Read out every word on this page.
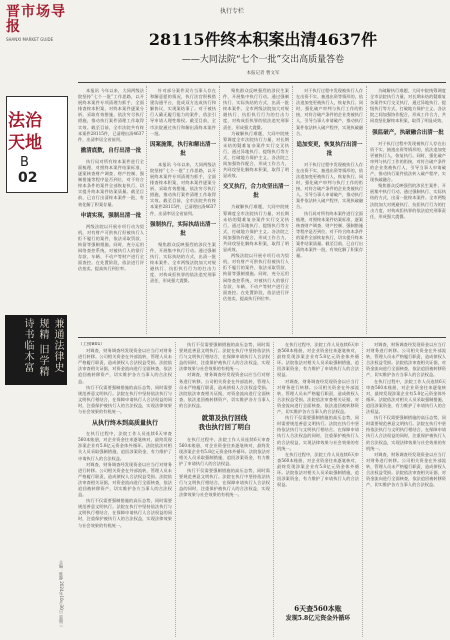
晋市场导报
SHANXI MARKET GUIDE
法治
天地
B
02
兼通法律史规精 旧学精诗书临木富
主编：陈静 2024年10月30日 星期三
执行专栏
28115件终本积案出清4637件
——大同法院“七个一批”交出高质量答卷
本报记者 曹文军

本报讯 今年以来，大同两级法院坚持“七个一批”工作思路，以开展终本案件专项清理为抓手，全面排查终本积案，对终本案件逐案分析，采取有效措施，依法穷尽执行措施，推动执行案件清理工作取得实效。截至目前，全市法院共有终本案件28115件，已清理出清4637件，出清率居全省前列。

撤清底数，自行出清一批

执行局对所有终本案件进行全面梳理，对照终本案件结案标准，逐案核查财产调查、财产控制、强制措施等程序是否到位，对不符合终本条件的案件全部恢复执行，切实提升终本案件结案质量。截至目前，已自行出清终本案件一批，有效化解了积案存量。

申请实现，强制出清一批

两级法院以开展专项行动为契机，对有财产可供执行但被执行人拒不履行的案件，依法采取罚款、拘留等强制措施。同时，充分运用网络查控系统，对被执行人的银行存款、车辆、不动产等财产进行全面查控。在处置阶段，依法进行评估拍卖，提高执行到位率。

针对部分案件双方当事人存在和解意愿的情况，执行法官积极搭建沟通平台，促成双方达成执行和解协议，实现案结事了。对于被执行人确无履行能力的案件，依法引导申请人理性维权。截至目前，全市法院通过执行和解出清终本案件一批。

因案施策，执行和解出清一批

本报讯 今年以来，大同两级法院坚持“七个一批”工作思路，以开展终本案件专项清理为抓手，全面排查终本积案，对终本案件逐案分析，采取有效措施，依法穷尽执行措施，推动执行案件清理工作取得实效。截至目前，全市法院共有终本案件28115件，已清理出清4637件，出清率居全省前列。

强制执行，实际执结出清一批

聚焦群众反映强烈的涉民生案件，开展集中执行行动。通过强制执行、实际执结的方式，出清一批终本案件。全市两级法院加大对规避执行、抗拒执行行为的打击力度，对构成拒执罪的依法追究刑事责任，形成强大震慑。

聚焦群众反映强烈的涉民生案件，开展集中执行行动。通过强制执行、实际执结的方式，出清一批终本案件。全市两级法院加大对规避执行、抗拒执行行为的打击力度，对构成拒执罪的依法追究刑事责任，形成强大震慑。

为破解执行难题，大同中院统筹调度全市法院执行力量，对长期未结的疑难复杂案件实行交叉执行，通过异地执行、提级执行等方式，打破地方保护主义。各法院之间加强协作配合，形成工作合力，共同攻坚化解终本积案，取得了明显成效。

交叉执行，合力攻坚出清一批

为破解执行难题，大同中院统筹调度全市法院执行力量，对长期未结的疑难复杂案件实行交叉执行，通过异地执行、提级执行等方式，打破地方保护主义。各法院之间加强协作配合，形成工作合力，共同攻坚化解终本积案，取得了明显成效。

两级法院以开展专项行动为契机，对有财产可供执行但被执行人拒不履行的案件，依法采取罚款、拘留等强制措施。同时，充分运用网络查控系统，对被执行人的银行存款、车辆、不动产等财产进行全面查控。在处置阶段，依法进行评估拍卖，提高执行到位率。

对于执行过程中发现被执行人存在出资不实、抽逃出资等情形的，依法追加变更被执行人，恢复执行。同时，强化破产审判与执行工作的衔接，对符合破产条件的企业类被执行人，引导当事人申请破产，推动执行案件依法转入破产程序，实现执破融合。

追加变更，恢复执行出清一批

对于执行过程中发现被执行人存在出资不实、抽逃出资等情形的，依法追加变更被执行人，恢复执行。同时，强化破产审判与执行工作的衔接，对符合破产条件的企业类被执行人，引导当事人申请破产，推动执行案件依法转入破产程序，实现执破融合。

执行局对所有终本案件进行全面梳理，对照终本案件结案标准，逐案核查财产调查、财产控制、强制措施等程序是否到位，对不符合终本条件的案件全部恢复执行，切实提升终本案件结案质量。截至目前，已自行出清终本案件一批，有效化解了积案存量。

为破解执行难题，大同中院统筹调度全市法院执行力量，对长期未结的疑难复杂案件实行交叉执行，通过异地执行、提级执行等方式，打破地方保护主义。各法院之间加强协作配合，形成工作合力，共同攻坚化解终本积案，取得了明显成效。

强监破产，执破融合出清一批

对于执行过程中发现被执行人存在出资不实、抽逃出资等情形的，依法追加变更被执行人，恢复执行。同时，强化破产审判与执行工作的衔接，对符合破产条件的企业类被执行人，引导当事人申请破产，推动执行案件依法转入破产程序，实现执破融合。

聚焦群众反映强烈的涉民生案件，开展集中执行行动。通过强制执行、实际执结的方式，出清一批终本案件。全市两级法院加大对规避执行、抗拒执行行为的打击力度，对构成拒执罪的依法追究刑事责任，形成强大震慑。

（上接B01）

对调查，财务调查经发现资金以应当行对财务进行转移。公司相关资金在外部流转，管理人员未严格履行职责，造成债权人合法权益受损。法院依法审查相关证据，对资金流向进行全面核查，依法追回被转移资产，切实维护各方当事人的合法权益。

执行不仅需要强制措施的高压态势，同时需要规范善意文明执行。法院在执行中坚持依法执行与文明执行相结合，在保障申请执行人合法权益的同时，注重保护被执行人的合法权益，实现法律效果与社会效果的有机统一。

从执行终本到高质量执行

在执行过程中，法院工作人员连续6天审查560本账册，对企业资金往来逐笔核对，最终发现涉案企业有5.8亿元资金体外循环。法院依法对相关人员采取强制措施，追回涉案资金，有力维护了申请执行人的合法权益。

对调查，财务调查经发现资金以应当行对财务进行转移。公司相关资金在外部流转，管理人员未严格履行职责，造成债权人合法权益受损。法院依法审查相关证据，对资金流向进行全面核查，依法追回被转移资产，切实维护各方当事人的合法权益。

执行不仅需要强制措施的高压态势，同时需要规范善意文明执行。法院在执行中坚持依法执行与文明执行相结合，在保障申请执行人合法权益的同时，注重保护被执行人的合法权益，实现法律效果与社会效果的有机统一。

执行不仅需要强制措施的高压态势，同时需要规范善意文明执行。法院在执行中坚持依法执行与文明执行相结合，在保障申请执行人合法权益的同时，注重保护被执行人的合法权益，实现法律效果与社会效果的有机统一。

对调查，财务调查经发现资金以应当行对财务进行转移。公司相关资金在外部流转，管理人员未严格履行职责，造成债权人合法权益受损。法院依法审查相关证据，对资金流向进行全面核查，依法追回被转移资产，切实维护各方当事人的合法权益。

就第及执行回线
我也执行回了明白

在执行过程中，法院工作人员连续6天审查560本账册，对企业资金往来逐笔核对，最终发现涉案企业有5.8亿元资金体外循环。法院依法对相关人员采取强制措施，追回涉案资金，有力维护了申请执行人的合法权益。

执行不仅需要强制措施的高压态势，同时需要规范善意文明执行。法院在执行中坚持依法执行与文明执行相结合，在保障申请执行人合法权益的同时，注重保护被执行人的合法权益，实现法律效果与社会效果的有机统一。

在执行过程中，法院工作人员连续6天审查560本账册，对企业资金往来逐笔核对，最终发现涉案企业有5.8亿元资金体外循环。法院依法对相关人员采取强制措施，追回涉案资金，有力维护了申请执行人的合法权益。

对调查，财务调查经发现资金以应当行对财务进行转移。公司相关资金在外部流转，管理人员未严格履行职责，造成债权人合法权益受损。法院依法审查相关证据，对资金流向进行全面核查，依法追回被转移资产，切实维护各方当事人的合法权益。

执行不仅需要强制措施的高压态势，同时需要规范善意文明执行。法院在执行中坚持依法执行与文明执行相结合，在保障申请执行人合法权益的同时，注重保护被执行人的合法权益，实现法律效果与社会效果的有机统一。

在执行过程中，法院工作人员连续6天审查560本账册，对企业资金往来逐笔核对，最终发现涉案企业有5.8亿元资金体外循环。法院依法对相关人员采取强制措施，追回涉案资金，有力维护了申请执行人的合法权益。

6天查560本账
发现5.8亿元资金外循环

对调查，财务调查经发现资金以应当行对财务进行转移。公司相关资金在外部流转，管理人员未严格履行职责，造成债权人合法权益受损。法院依法审查相关证据，对资金流向进行全面核查，依法追回被转移资产，切实维护各方当事人的合法权益。

在执行过程中，法院工作人员连续6天审查560本账册，对企业资金往来逐笔核对，最终发现涉案企业有5.8亿元资金体外循环。法院依法对相关人员采取强制措施，追回涉案资金，有力维护了申请执行人的合法权益。

执行不仅需要强制措施的高压态势，同时需要规范善意文明执行。法院在执行中坚持依法执行与文明执行相结合，在保障申请执行人合法权益的同时，注重保护被执行人的合法权益，实现法律效果与社会效果的有机统一。

对调查，财务调查经发现资金以应当行对财务进行转移。公司相关资金在外部流转，管理人员未严格履行职责，造成债权人合法权益受损。法院依法审查相关证据，对资金流向进行全面核查，依法追回被转移资产，切实维护各方当事人的合法权益。
